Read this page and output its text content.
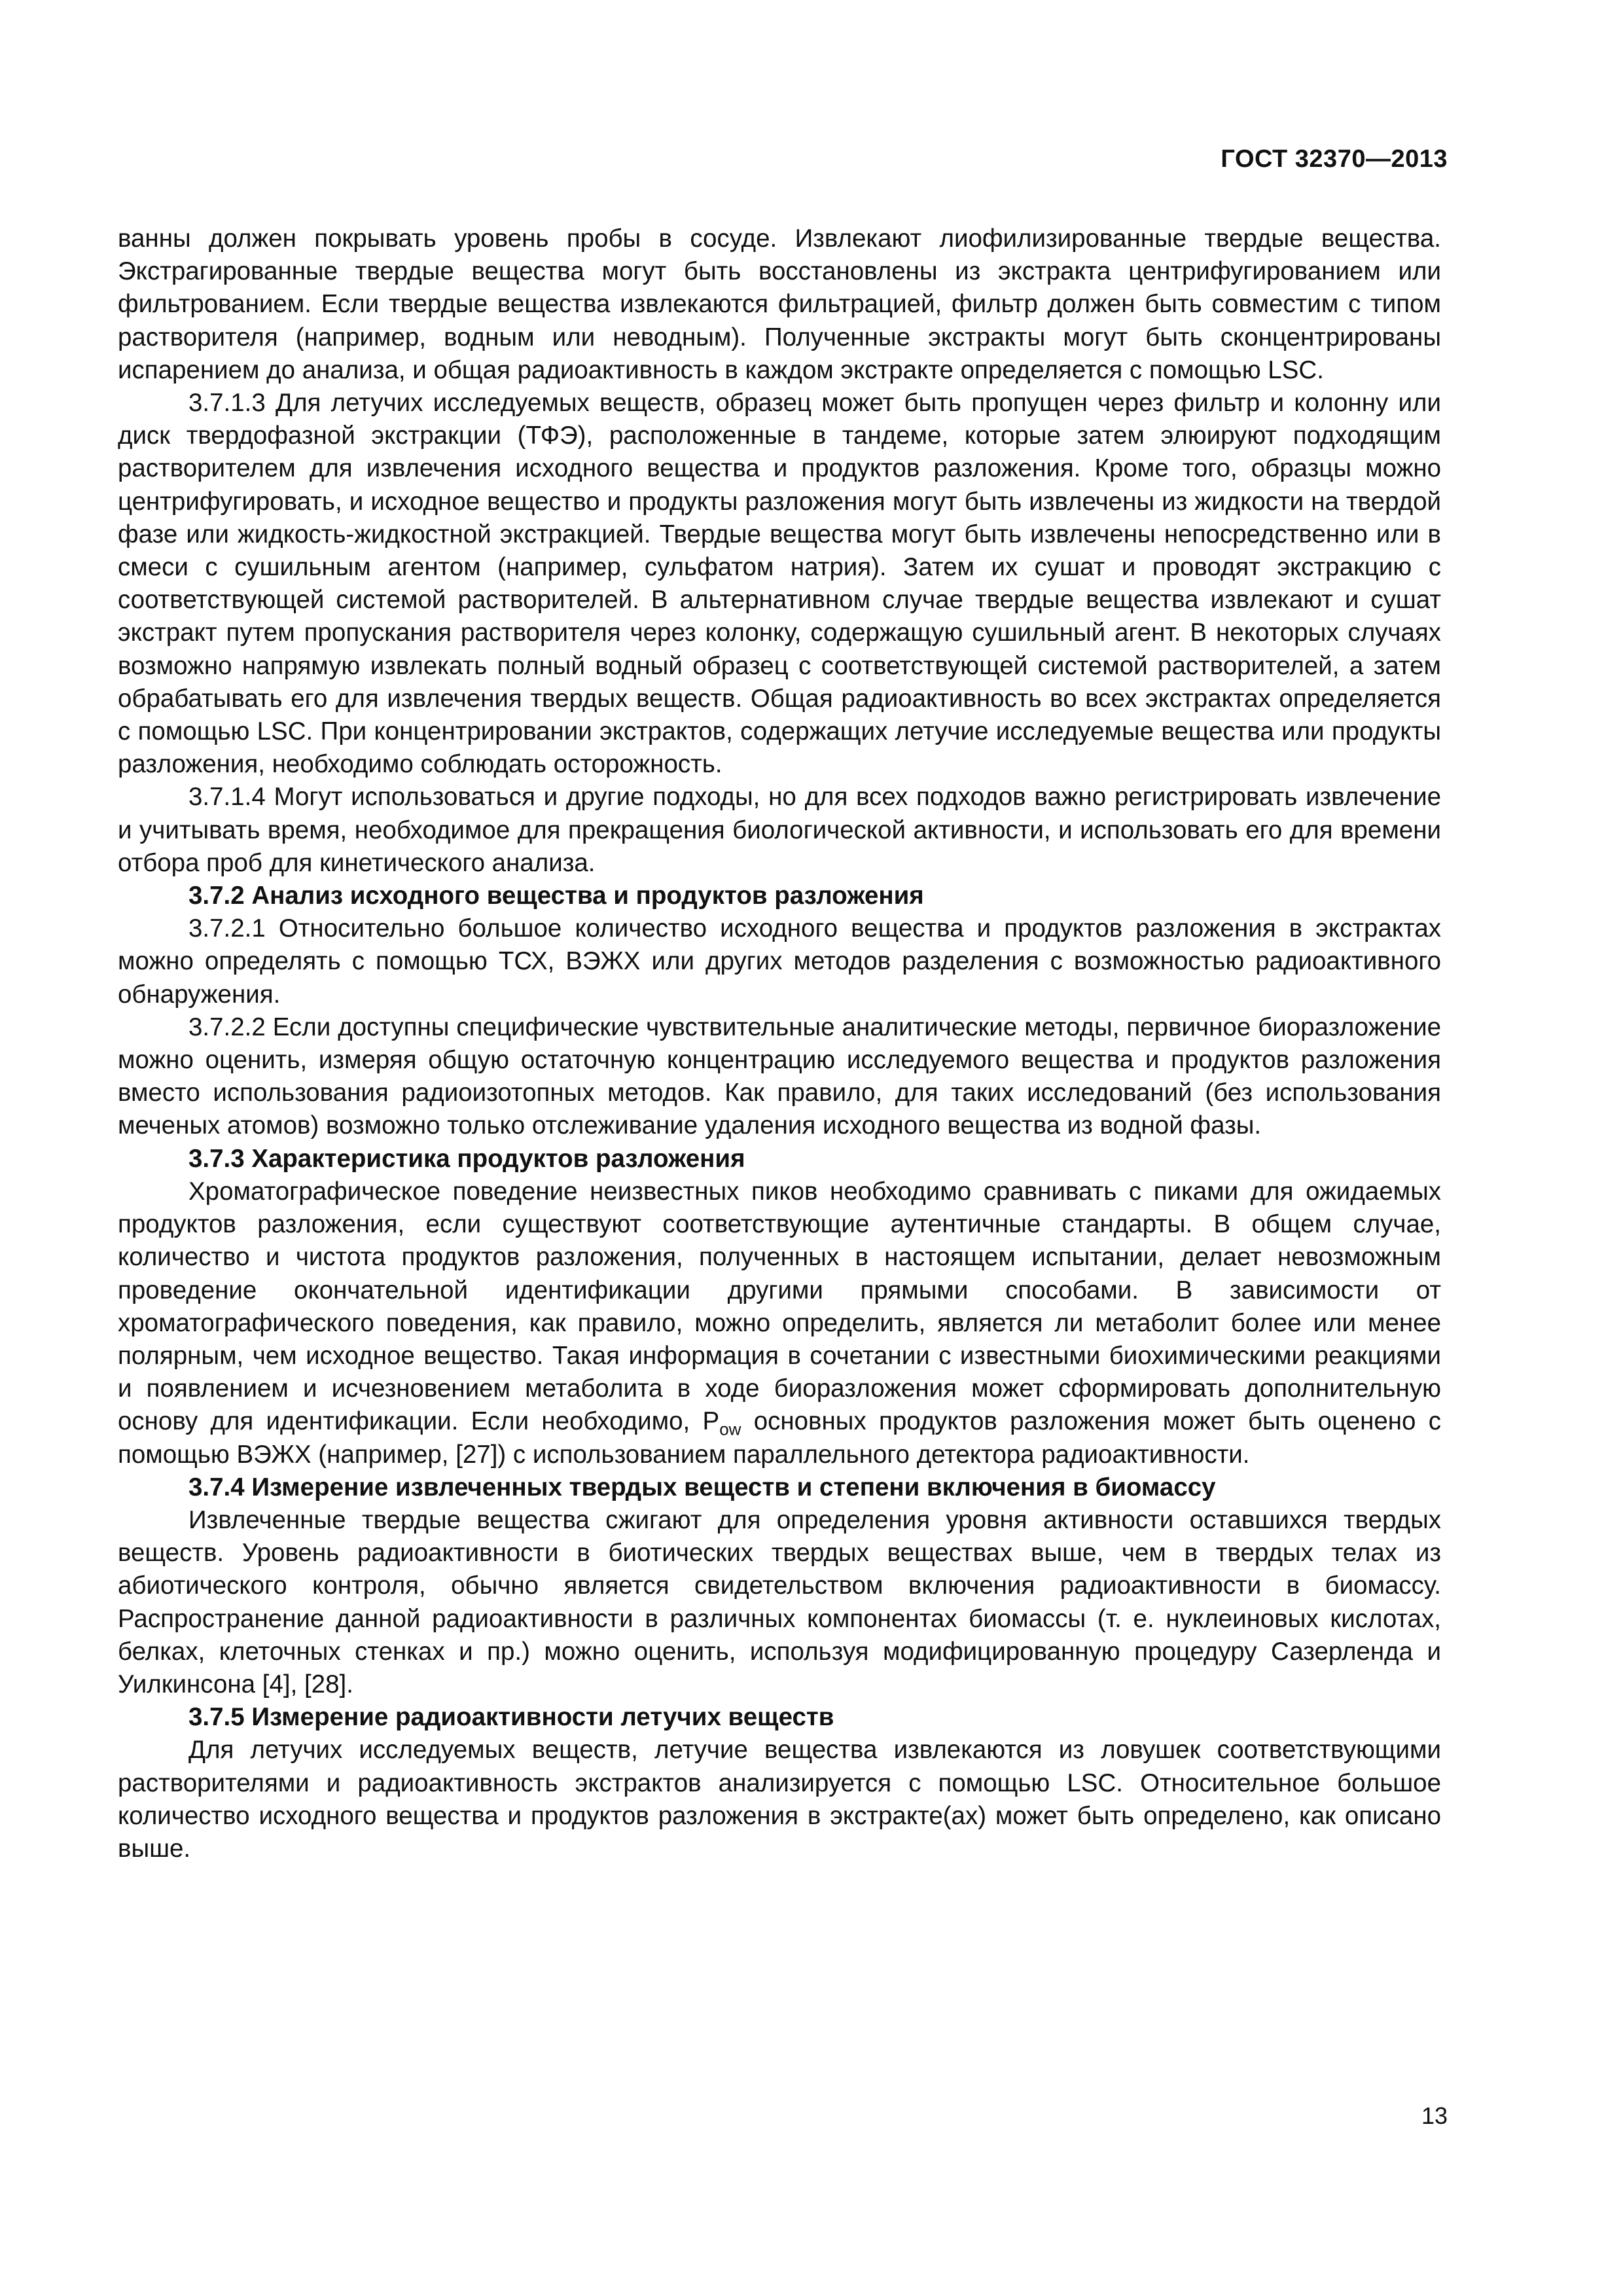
ГОСТ 32370—2013

ванны должен покрывать уровень пробы в сосуде. Извлекают лиофилизированные твердые вещества. Экстрагированные твердые вещества могут быть восстановлены из экстракта центрифугированием или фильтрованием. Если твердые вещества извлекаются фильтрацией, фильтр должен быть совместим с типом растворителя (например, водным или неводным). Полученные экстракты могут быть сконцентрированы испарением до анализа, и общая радиоактивность в каждом экстракте определяется с помощью LSC.

3.7.1.3 Для летучих исследуемых веществ, образец может быть пропущен через фильтр и колонну или диск твердофазной экстракции (ТФЭ), расположенные в тандеме, которые затем элюируют подходящим растворителем для извлечения исходного вещества и продуктов разложения. Кроме того, образцы можно центрифугировать, и исходное вещество и продукты разложения могут быть извлечены из жидкости на твердой фазе или жидкость-жидкостной экстракцией. Твердые вещества могут быть извлечены непосредственно или в смеси с сушильным агентом (например, сульфатом натрия). Затем их сушат и проводят экстракцию с соответствующей системой растворителей. В альтернативном случае твердые вещества извлекают и сушат экстракт путем пропускания растворителя через колонку, содержащую сушильный агент. В некоторых случаях возможно напрямую извлекать полный водный образец с соответствующей системой растворителей, а затем обрабатывать его для извлечения твердых веществ. Общая радиоактивность во всех экстрактах определяется с помощью LSC. При концентрировании экстрактов, содержащих летучие исследуемые вещества или продукты разложения, необходимо соблюдать осторожность.

3.7.1.4 Могут использоваться и другие подходы, но для всех подходов важно регистрировать извлечение и учитывать время, необходимое для прекращения биологической активности, и использовать его для времени отбора проб для кинетического анализа.

3.7.2 Анализ исходного вещества и продуктов разложения

3.7.2.1 Относительно большое количество исходного вещества и продуктов разложения в экстрактах можно определять с помощью ТСХ, ВЭЖХ или других методов разделения с возможностью радиоактивного обнаружения.

3.7.2.2 Если доступны специфические чувствительные аналитические методы, первичное биоразложение можно оценить, измеряя общую остаточную концентрацию исследуемого вещества и продуктов разложения вместо использования радиоизотопных методов. Как правило, для таких исследований (без использования меченых атомов) возможно только отслеживание удаления исходного вещества из водной фазы.

3.7.3 Характеристика продуктов разложения

Хроматографическое поведение неизвестных пиков необходимо сравнивать с пиками для ожидаемых продуктов разложения, если существуют соответствующие аутентичные стандарты. В общем случае, количество и чистота продуктов разложения, полученных в настоящем испытании, делает невозможным проведение окончательной идентификации другими прямыми способами. В зависимости от хроматографического поведения, как правило, можно определить, является ли метаболит более или менее полярным, чем исходное вещество. Такая информация в сочетании с известными биохимическими реакциями и появлением и исчезновением метаболита в ходе биоразложения может сформировать дополнительную основу для идентификации. Если необходимо, $P_{ow}$ основных продуктов разложения может быть оценено с помощью ВЭЖХ (например, [27]) с использованием параллельного детектора радиоактивности.

3.7.4 Измерение извлеченных твердых веществ и степени включения в биомассу

Извлеченные твердые вещества сжигают для определения уровня активности оставшихся твердых веществ. Уровень радиоактивности в биотических твердых веществах выше, чем в твердых телах из абиотического контроля, обычно является свидетельством включения радиоактивности в биомассу. Распространение данной радиоактивности в различных компонентах биомассы (т. е. нуклеиновых кислотах, белках, клеточных стенках и пр.) можно оценить, используя модифицированную процедуру Сазерленда и Уилкинсона [4], [28].

3.7.5 Измерение радиоактивности летучих веществ

Для летучих исследуемых веществ, летучие вещества извлекаются из ловушек соответствующими растворителями и радиоактивность экстрактов анализируется с помощью LSC. Относительное большое количество исходного вещества и продуктов разложения в экстракте(ах) может быть определено, как описано выше.

13
